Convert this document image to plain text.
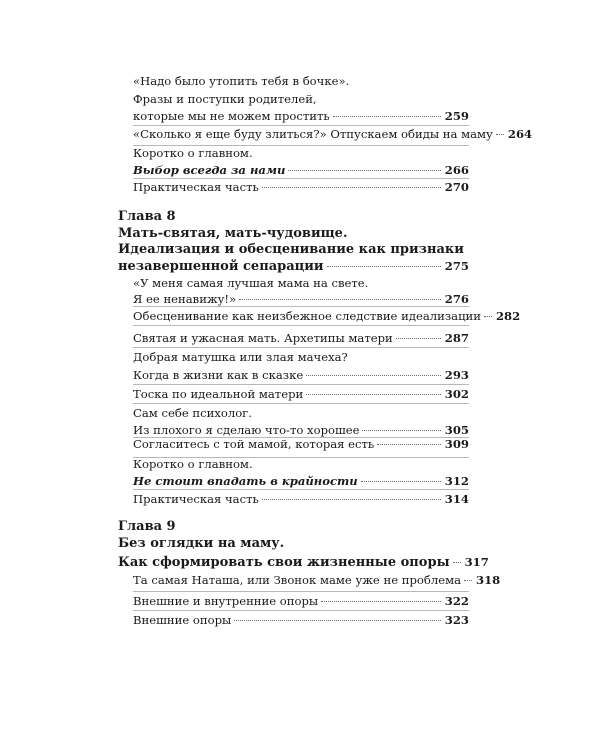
«Надо было утопить тебя в бочке».
Фразы и поступки родителей,
которые мы не можем простить	259
«Сколько я еще буду злиться?» Отпускаем обиды на маму 264
Коротко о главном.
Выбор всегда за нами	266
Практическая часть	270
Глава 8
Мать-святая, мать-чудовище.
Идеализация и обесценивание как признаки
незавершенной сепарации	275
«У меня самая лучшая мама на свете.
Я ее ненавижу!»	276
Обесценивание как неизбежное следствие идеализации 282
Святая и ужасная мать. Архетипы матери	287
Добрая матушка или злая мачеха?
Когда в жизни как в сказке	293
Тоска по идеальной матери	302
Сам себе психолог.
Из плохого я сделаю что-то хорошее	305
Согласитесь с той мамой, которая есть	309
Коротко о главном.
Не стоит впадать в крайности	312
Практическая часть	314
Глава 9
Без оглядки на маму.
Как сформировать свои жизненные опоры 317
Та самая Наташа, или Звонок маме уже не проблема 318
Внешние и внутренние опоры	322
Внешние опоры	323
